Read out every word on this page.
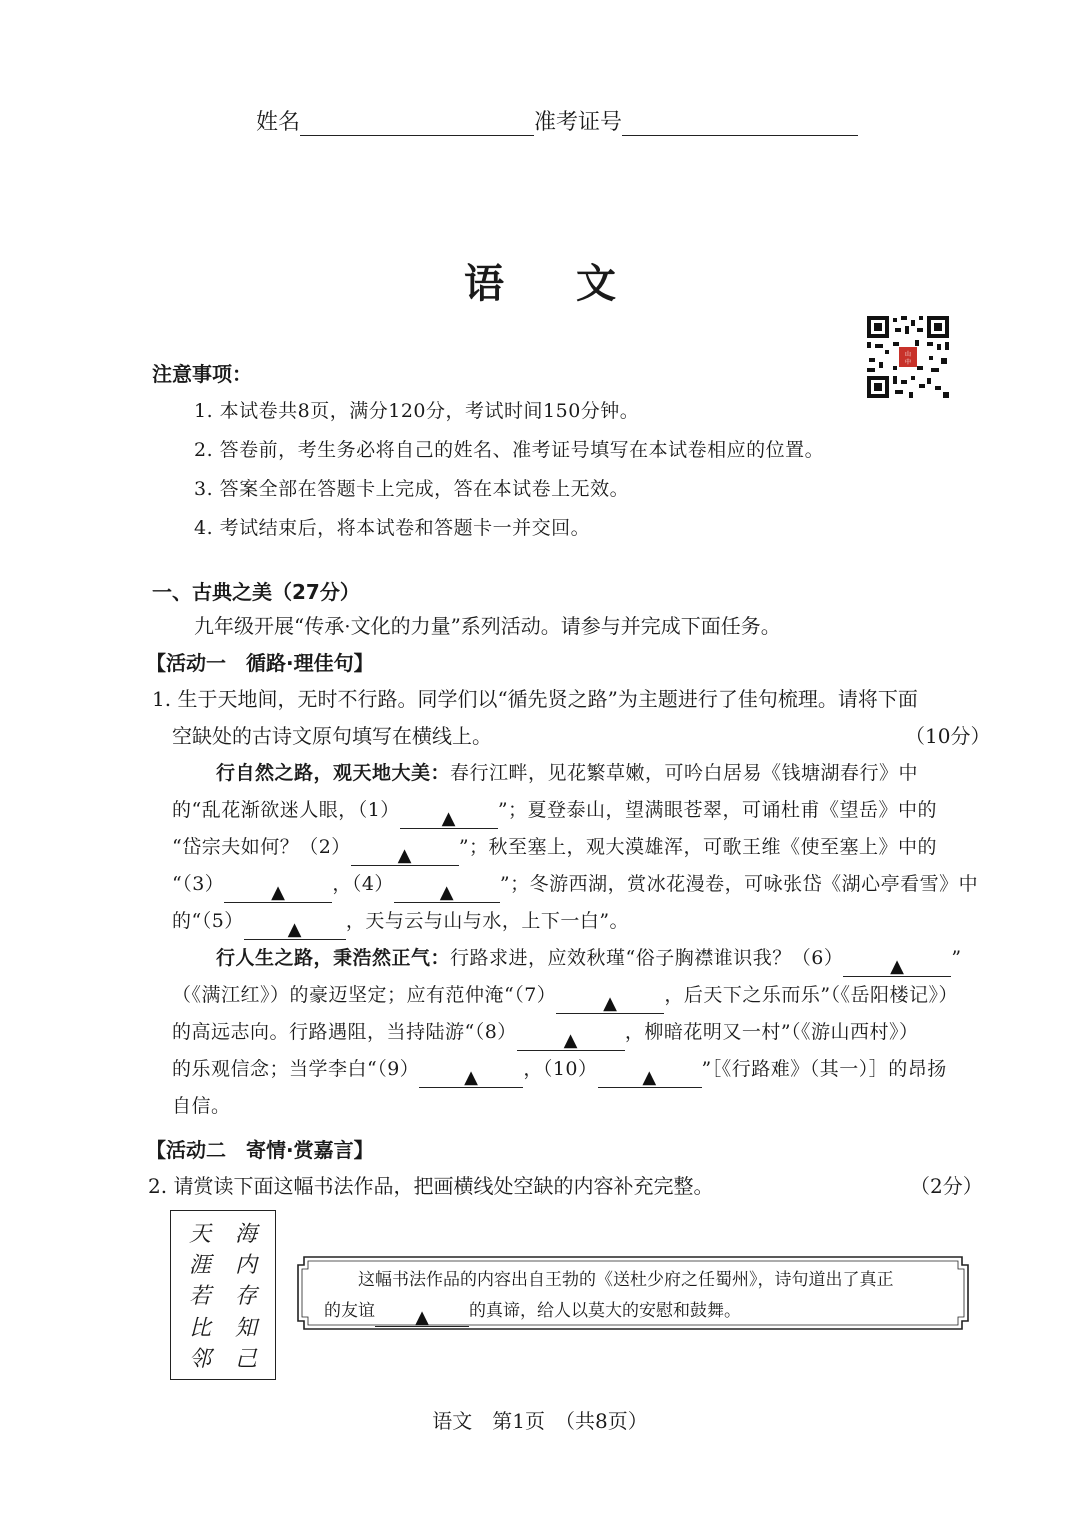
姓名	准考证号
语文
山
中
注意事项：
1. 本试卷共8页，满分120分，考试时间150分钟。
2. 答卷前，考生务必将自己的姓名、准考证号填写在本试卷相应的位置。
3. 答案全部在答题卡上完成，答在本试卷上无效。
4. 考试结束后，将本试卷和答题卡一并交回。
一、古典之美（27分）
九年级开展“传承·文化的力量”系列活动。请参与并完成下面任务。
【活动一　循路·理佳句】
1. 生于天地间，无时不行路。同学们以“循先贤之路”为主题进行了佳句梳理。请将下面
空缺处的古诗文原句填写在横线上。	（10分）
行自然之路，观天地大美：春行江畔，见花繁草嫩，可吟白居易《钱塘湖春行》中
的“乱花渐欲迷人眼，（1） ▲ ”；夏登泰山，望满眼苍翠，可诵杜甫《望岳》中的
“岱宗夫如何？（2）	▲ ”；秋至塞上，观大漠雄浑，可歌王维《使至塞上》中的
“（3）	▲ ，（4）	▲ ”；冬游西湖，赏冰花漫卷，可咏张岱《湖心亭看雪》中
的“（5） ▲ ，天与云与山与水，上下一白”。
行人生之路，秉浩然正气：行路求进，应效秋瑾“俗子胸襟谁识我？（6）	▲ ”
（《满江红》）的豪迈坚定；应有范仲淹“（7）	▲ ，后天下之乐而乐”（《岳阳楼记》）
的高远志向。行路遇阻，当持陆游“（8）	▲ ，柳暗花明又一村”（《游山西村》）
的乐观信念；当学李白“（9） ▲ ，（10） ▲ ”［《行路难》（其一）］的昂扬
自信。
【活动二　寄情·赏嘉言】
2. 请赏读下面这幅书法作品，把画横线处空缺的内容补充完整。	（2分）
天
涯
若
比
邻
海
内
存
知
己
这幅书法作品的内容出自王勃的《送杜少府之任蜀州》，诗句道出了真正
的友谊 ▲ 的真谛，给人以莫大的安慰和鼓舞。
语文　第1页　（共8页）
